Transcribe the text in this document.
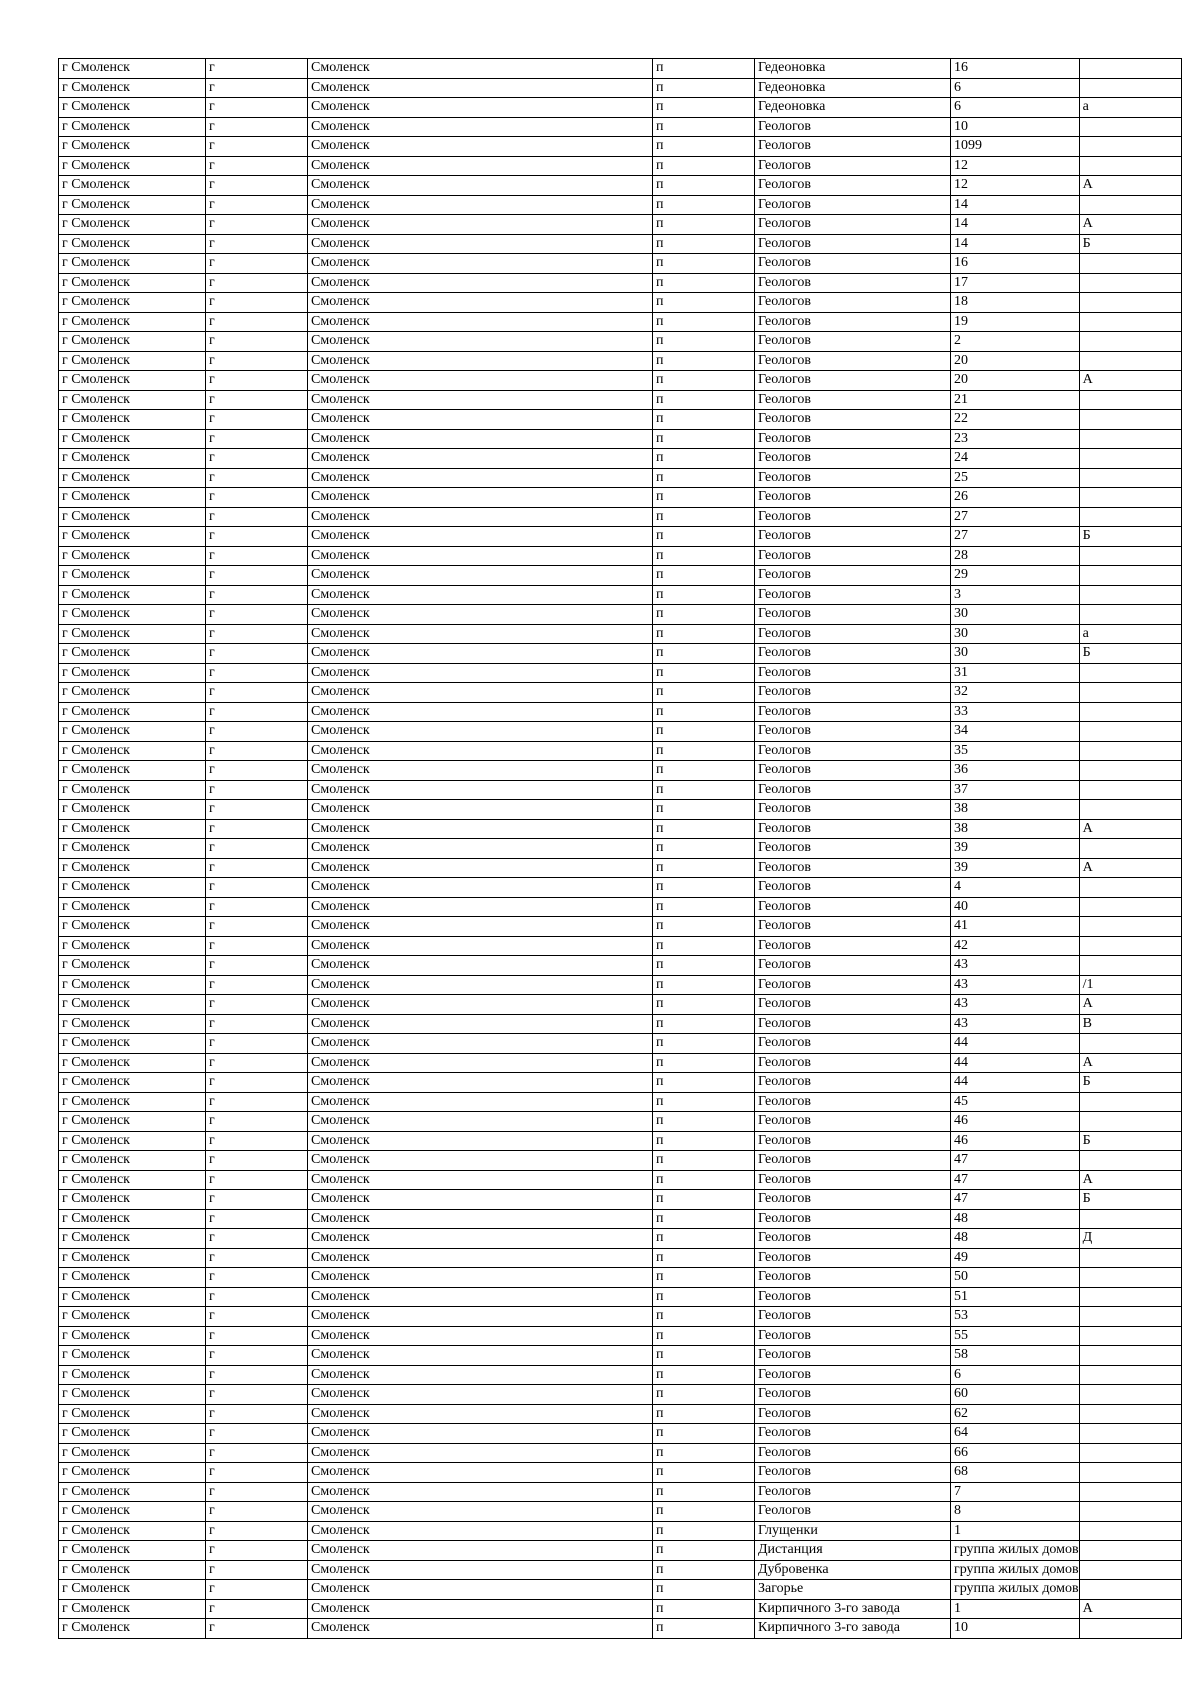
г Смоленск	г	Смоленск	п	Гедеоновка	16	
г Смоленск	г	Смоленск	п	Гедеоновка	6	
г Смоленск	г	Смоленск	п	Гедеоновка	6	а
г Смоленск	г	Смоленск	п	Геологов	10	
г Смоленск	г	Смоленск	п	Геологов	1099	
г Смоленск	г	Смоленск	п	Геологов	12	
г Смоленск	г	Смоленск	п	Геологов	12	А
г Смоленск	г	Смоленск	п	Геологов	14	
г Смоленск	г	Смоленск	п	Геологов	14	А
г Смоленск	г	Смоленск	п	Геологов	14	Б
г Смоленск	г	Смоленск	п	Геологов	16	
г Смоленск	г	Смоленск	п	Геологов	17	
г Смоленск	г	Смоленск	п	Геологов	18	
г Смоленск	г	Смоленск	п	Геологов	19	
г Смоленск	г	Смоленск	п	Геологов	2	
г Смоленск	г	Смоленск	п	Геологов	20	
г Смоленск	г	Смоленск	п	Геологов	20	А
г Смоленск	г	Смоленск	п	Геологов	21	
г Смоленск	г	Смоленск	п	Геологов	22	
г Смоленск	г	Смоленск	п	Геологов	23	
г Смоленск	г	Смоленск	п	Геологов	24	
г Смоленск	г	Смоленск	п	Геологов	25	
г Смоленск	г	Смоленск	п	Геологов	26	
г Смоленск	г	Смоленск	п	Геологов	27	
г Смоленск	г	Смоленск	п	Геологов	27	Б
г Смоленск	г	Смоленск	п	Геологов	28	
г Смоленск	г	Смоленск	п	Геологов	29	
г Смоленск	г	Смоленск	п	Геологов	3	
г Смоленск	г	Смоленск	п	Геологов	30	
г Смоленск	г	Смоленск	п	Геологов	30	а
г Смоленск	г	Смоленск	п	Геологов	30	Б
г Смоленск	г	Смоленск	п	Геологов	31	
г Смоленск	г	Смоленск	п	Геологов	32	
г Смоленск	г	Смоленск	п	Геологов	33	
г Смоленск	г	Смоленск	п	Геологов	34	
г Смоленск	г	Смоленск	п	Геологов	35	
г Смоленск	г	Смоленск	п	Геологов	36	
г Смоленск	г	Смоленск	п	Геологов	37	
г Смоленск	г	Смоленск	п	Геологов	38	
г Смоленск	г	Смоленск	п	Геологов	38	А
г Смоленск	г	Смоленск	п	Геологов	39	
г Смоленск	г	Смоленск	п	Геологов	39	А
г Смоленск	г	Смоленск	п	Геологов	4	
г Смоленск	г	Смоленск	п	Геологов	40	
г Смоленск	г	Смоленск	п	Геологов	41	
г Смоленск	г	Смоленск	п	Геологов	42	
г Смоленск	г	Смоленск	п	Геологов	43	
г Смоленск	г	Смоленск	п	Геологов	43	/1
г Смоленск	г	Смоленск	п	Геологов	43	А
г Смоленск	г	Смоленск	п	Геологов	43	В
г Смоленск	г	Смоленск	п	Геологов	44	
г Смоленск	г	Смоленск	п	Геологов	44	А
г Смоленск	г	Смоленск	п	Геологов	44	Б
г Смоленск	г	Смоленск	п	Геологов	45	
г Смоленск	г	Смоленск	п	Геологов	46	
г Смоленск	г	Смоленск	п	Геологов	46	Б
г Смоленск	г	Смоленск	п	Геологов	47	
г Смоленск	г	Смоленск	п	Геологов	47	А
г Смоленск	г	Смоленск	п	Геологов	47	Б
г Смоленск	г	Смоленск	п	Геологов	48	
г Смоленск	г	Смоленск	п	Геологов	48	Д
г Смоленск	г	Смоленск	п	Геологов	49	
г Смоленск	г	Смоленск	п	Геологов	50	
г Смоленск	г	Смоленск	п	Геологов	51	
г Смоленск	г	Смоленск	п	Геологов	53	
г Смоленск	г	Смоленск	п	Геологов	55	
г Смоленск	г	Смоленск	п	Геологов	58	
г Смоленск	г	Смоленск	п	Геологов	6	
г Смоленск	г	Смоленск	п	Геологов	60	
г Смоленск	г	Смоленск	п	Геологов	62	
г Смоленск	г	Смоленск	п	Геологов	64	
г Смоленск	г	Смоленск	п	Геологов	66	
г Смоленск	г	Смоленск	п	Геологов	68	
г Смоленск	г	Смоленск	п	Геологов	7	
г Смоленск	г	Смоленск	п	Геологов	8	
г Смоленск	г	Смоленск	п	Глущенки	1	
г Смоленск	г	Смоленск	п	Дистанция	группа жилых домов	
г Смоленск	г	Смоленск	п	Дубровенка	группа жилых домов	
г Смоленск	г	Смоленск	п	Загорье	группа жилых домов	
г Смоленск	г	Смоленск	п	Кирпичного 3-го завода	1	А
г Смоленск	г	Смоленск	п	Кирпичного 3-го завода	10	
